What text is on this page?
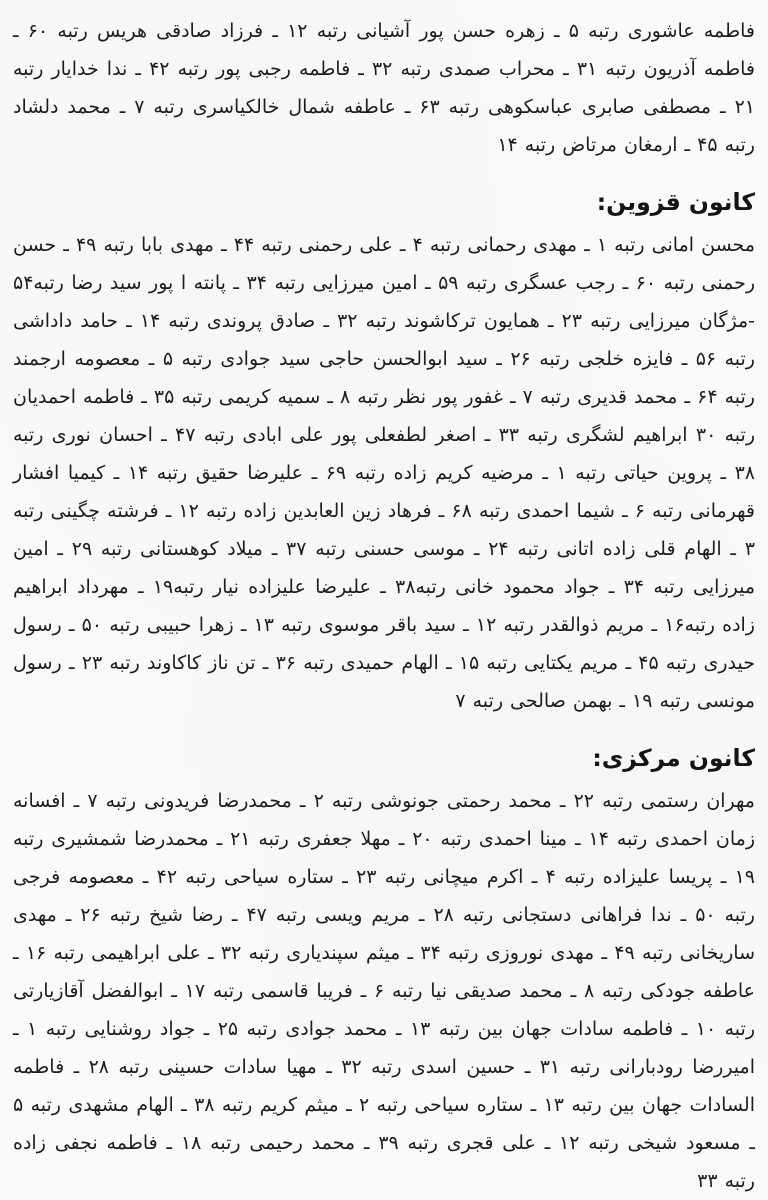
فاطمه عاشوری رتبه ۵ ـ زهره حسن پور آشیانی رتبه ۱۲ ـ فرزاد صادقی هریس رتبه ۶۰ ـ فاطمه آذریون رتبه ۳۱ ـ محراب صمدی رتبه ۳۲ ـ فاطمه رجبی پور رتبه ۴۲ ـ ندا خدایار رتبه ۲۱ ـ مصطفی صابری عباسکوهی رتبه ۶۳ ـ عاطفه شمال خالکیاسری رتبه ۷ ـ محمد دلشاد رتبه ۴۵ ـ ارمغان مرتاض رتبه ۱۴

کانون قزوین:

محسن امانی رتبه ۱ ـ مهدی رحمانی رتبه ۴ ـ علی رحمنی رتبه ۴۴ ـ مهدی بابا رتبه ۴۹ ـ حسن رحمنی رتبه ۶۰ ـ رجب عسگری رتبه ۵۹ ـ امین میرزایی رتبه ۳۴ ـ پانته ا پور سید رضا رتبه۵۴ -مژگان میرزایی رتبه ۲۳ ـ همایون ترکاشوند رتبه ۳۲ ـ صادق پروندی رتبه ۱۴ ـ حامد داداشی رتبه ۵۶ ـ فایزه خلجی رتبه ۲۶ ـ سید ابوالحسن حاجی سید جوادی رتبه ۵ ـ معصومه ارجمند رتبه ۶۴ ـ محمد قدیری رتبه ۷ ـ غفور پور نظر رتبه ۸ ـ سمیه کریمی رتبه ۳۵ ـ فاطمه احمدیان رتبه ۳۰ ابراهیم لشگری رتبه ۳۳ ـ اصغر لطفعلی پور علی ابادی رتبه ۴۷ ـ احسان نوری رتبه ۳۸ ـ پروین حیاتی رتبه ۱ ـ مرضیه کریم زاده رتبه ۶۹ ـ علیرضا حقیق رتبه ۱۴ ـ کیمیا افشار قهرمانی رتبه ۶ ـ شیما احمدی رتبه ۶۸ ـ فرهاد زین العابدین زاده رتبه ۱۲ ـ فرشته چگینی رتبه ۳ ـ الهام قلی زاده اتانی رتبه ۲۴ ـ موسی حسنی رتبه ۳۷ ـ میلاد کوهستانی رتبه ۲۹ ـ امین میرزایی رتبه ۳۴ ـ جواد محمود خانی رتبه۳۸ ـ علیرضا علیزاده نیار رتبه۱۹ ـ مهرداد ابراهیم زاده رتبه۱۶ ـ مریم ذوالقدر رتبه ۱۲ ـ سید باقر موسوی رتبه ۱۳ ـ زهرا حبیبی رتبه ۵۰ ـ رسول حیدری رتبه ۴۵ ـ مریم یکتایی رتبه ۱۵ ـ الهام حمیدی رتبه ۳۶ ـ تن ناز کاکاوند رتبه ۲۳ ـ رسول مونسی رتبه ۱۹ ـ بهمن صالحی رتبه ۷

کانون مرکزی:

مهران رستمی رتبه ۲۲ ـ محمد رحمتی جونوشی رتبه ۲ ـ محمدرضا فریدونی رتبه ۷ ـ افسانه زمان احمدی رتبه ۱۴ ـ مینا احمدی رتبه ۲۰ ـ مهلا جعفری رتبه ۲۱ ـ محمدرضا شمشیری رتبه ۱۹ ـ پریسا علیزاده رتبه ۴ ـ اکرم میچانی رتبه ۲۳ ـ ستاره سیاحی رتبه ۴۲ ـ معصومه فرجی رتبه ۵۰ ـ ندا فراهانی دستجانی رتبه ۲۸ ـ مریم ویسی رتبه ۴۷ ـ رضا شیخ رتبه ۲۶ ـ مهدی ساریخانی رتبه ۴۹ ـ مهدی نوروزی رتبه ۳۴ ـ میثم سپندیاری رتبه ۳۲ ـ علی ابراهیمی رتبه ۱۶ ـ عاطفه جودکی رتبه ۸ ـ محمد صدیقی نیا رتبه ۶ ـ فریبا قاسمی رتبه ۱۷ ـ ابوالفضل آقازیارتی رتبه ۱۰ ـ فاطمه سادات جهان بین رتبه ۱۳ ـ محمد جوادی رتبه ۲۵ ـ جواد روشنایی رتبه ۱ ـ امیررضا رودبارانی رتبه ۳۱ ـ حسین اسدی رتبه ۳۲ ـ مهیا سادات حسینی رتبه ۲۸ ـ فاطمه السادات جهان بین رتبه ۱۳ ـ ستاره سیاحی رتبه ۲ ـ میثم کریم رتبه ۳۸ ـ الهام مشهدی رتبه ۵ ـ مسعود شیخی رتبه ۱۲ ـ علی قجری رتبه ۳۹ ـ محمد رحیمی رتبه ۱۸ ـ فاطمه نجفی زاده رتبه ۳۳
